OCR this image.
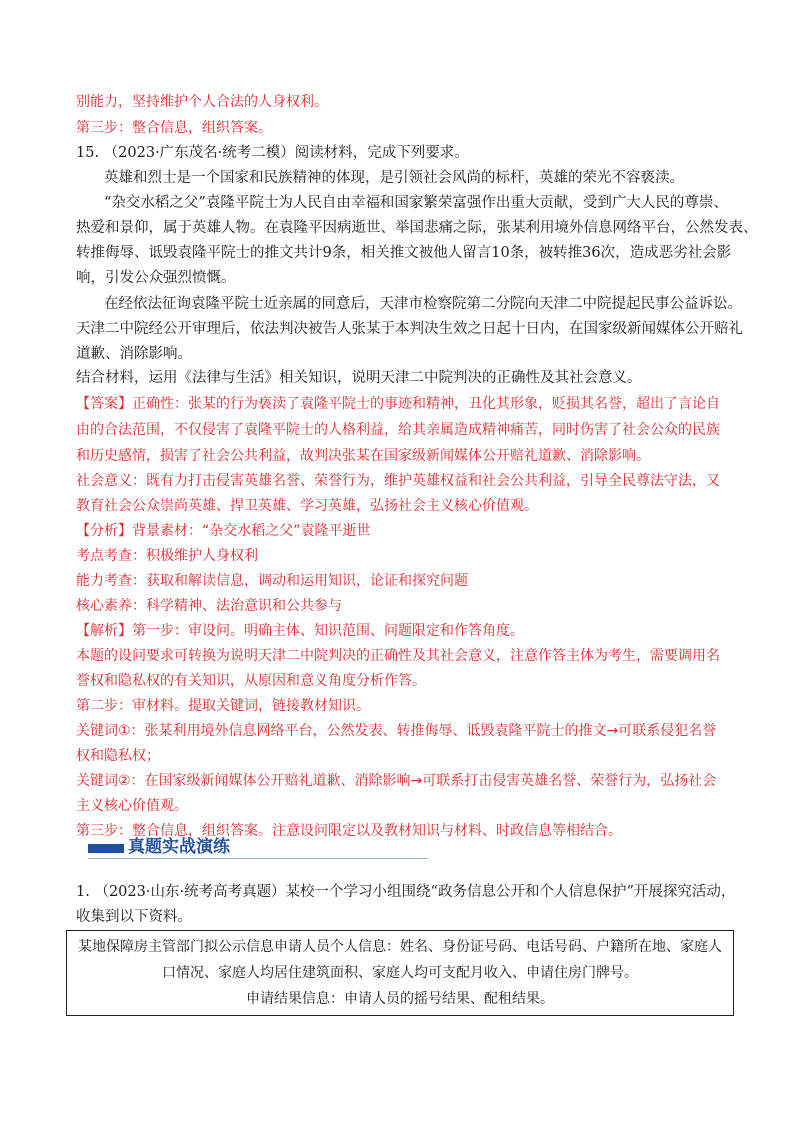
别能力，坚持维护个人合法的人身权利。
第三步：整合信息，组织答案。
15. （2023·广东茂名·统考二模）阅读材料，完成下列要求。
英雄和烈士是一个国家和民族精神的体现，是引领社会风尚的标杆，英雄的荣光不容亵渎。
“杂交水稻之父”袁隆平院士为人民自由幸福和国家繁荣富强作出重大贡献，受到广大人民的尊崇、
热爱和景仰，属于英雄人物。在袁隆平因病逝世、举国悲痛之际，张某利用境外信息网络平台，公然发表、
转推侮辱、诋毁袁隆平院士的推文共计9条，相关推文被他人留言10条，被转推36次，造成恶劣社会影
响，引发公众强烈愤慨。
在经依法征询袁隆平院士近亲属的同意后，天津市检察院第二分院向天津二中院提起民事公益诉讼。
天津二中院经公开审理后，依法判决被告人张某于本判决生效之日起十日内，在国家级新闻媒体公开赔礼
道歉、消除影响。
结合材料，运用《法律与生活》相关知识，说明天津二中院判决的正确性及其社会意义。
【答案】正确性：张某的行为亵渎了袁隆平院士的事迹和精神，丑化其形象，贬损其名誉，超出了言论自
由的合法范围，不仅侵害了袁隆平院士的人格利益，给其亲属造成精神痛苦，同时伤害了社会公众的民族
和历史感情，损害了社会公共利益，故判决张某在国家级新闻媒体公开赔礼道歉、消除影响。
社会意义：既有力打击侵害英雄名誉、荣誉行为，维护英雄权益和社会公共利益，引导全民尊法守法，又
教育社会公众崇尚英雄、捍卫英雄、学习英雄，弘扬社会主义核心价值观。
【分析】背景素材：“杂交水稻之父”袁隆平逝世
考点考查：积极维护人身权利
能力考查：获取和解读信息，调动和运用知识，论证和探究问题
核心素养：科学精神、法治意识和公共参与
【解析】第一步：审设问。明确主体、知识范围、问题限定和作答角度。
本题的设问要求可转换为说明天津二中院判决的正确性及其社会意义，注意作答主体为考生，需要调用名
誉权和隐私权的有关知识，从原因和意义角度分析作答。
第二步：审材料。提取关键词，链接教材知识。
关键词①：张某利用境外信息网络平台，公然发表、转推侮辱、诋毁袁隆平院士的推文→可联系侵犯名誉
权和隐私权；
关键词②：在国家级新闻媒体公开赔礼道歉、消除影响→可联系打击侵害英雄名誉、荣誉行为，弘扬社会
主义核心价值观。
第三步：整合信息，组织答案。注意设问限定以及教材知识与材料、时政信息等相结合。
真题实战演练
1. （2023·山东·统考高考真题）某校一个学习小组围绕“政务信息公开和个人信息保护”开展探究活动，
收集到以下资料。
某地保障房主管部门拟公示信息申请人员个人信息：姓名、身份证号码、电话号码、户籍所在地、家庭人
口情况、家庭人均居住建筑面积、家庭人均可支配月收入、申请住房门牌号。
申请结果信息：申请人员的摇号结果、配租结果。
